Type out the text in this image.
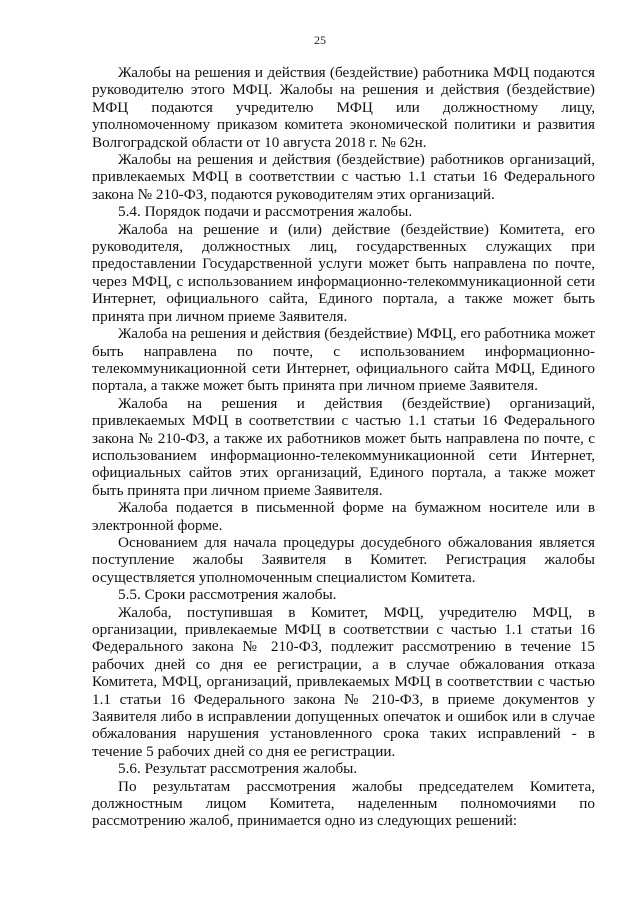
25

Жалобы на решения и действия (бездействие) работника МФЦ подаются руководителю этого МФЦ. Жалобы на решения и действия (бездействие) МФЦ подаются учредителю МФЦ или должностному лицу, уполномоченному приказом комитета экономической политики и развития Волгоградской области от 10 августа 2018 г. № 62н.

Жалобы на решения и действия (бездействие) работников организаций, привлекаемых МФЦ в соответствии с частью 1.1 статьи 16 Федерального закона № 210-ФЗ, подаются руководителям этих организаций.

5.4. Порядок подачи и рассмотрения жалобы.

Жалоба на решение и (или) действие (бездействие) Комитета, его руководителя, должностных лиц, государственных служащих при предоставлении Государственной услуги может быть направлена по почте, через МФЦ, с использованием информационно-телекоммуникационной сети Интернет, официального сайта, Единого портала, а также может быть принята при личном приеме Заявителя.

Жалоба на решения и действия (бездействие) МФЦ, его работника может быть направлена по почте, с использованием информационно-телекоммуникационной сети Интернет, официального сайта МФЦ, Единого портала, а также может быть принята при личном приеме Заявителя.

Жалоба на решения и действия (бездействие) организаций, привлекаемых МФЦ в соответствии с частью 1.1 статьи 16 Федерального закона № 210-ФЗ, а также их работников может быть направлена по почте, с использованием информационно-телекоммуникационной сети Интернет, официальных сайтов этих организаций, Единого портала, а также может быть принята при личном приеме Заявителя.

Жалоба подается в письменной форме на бумажном носителе или в электронной форме.

Основанием для начала процедуры досудебного обжалования является поступление жалобы Заявителя в Комитет. Регистрация жалобы осуществляется уполномоченным специалистом Комитета.

5.5. Сроки рассмотрения жалобы.

Жалоба, поступившая в Комитет, МФЦ, учредителю МФЦ, в организации, привлекаемые МФЦ в соответствии с частью 1.1 статьи 16 Федерального закона № 210-ФЗ, подлежит рассмотрению в течение 15 рабочих дней со дня ее регистрации, а в случае обжалования отказа Комитета, МФЦ, организаций, привлекаемых МФЦ в соответствии с частью 1.1 статьи 16 Федерального закона № 210-ФЗ, в приеме документов у Заявителя либо в исправлении допущенных опечаток и ошибок или в случае обжалования нарушения установленного срока таких исправлений - в течение 5 рабочих дней со дня ее регистрации.

5.6. Результат рассмотрения жалобы.

По результатам рассмотрения жалобы председателем Комитета, должностным лицом Комитета, наделенным полномочиями по рассмотрению жалоб, принимается одно из следующих решений:
